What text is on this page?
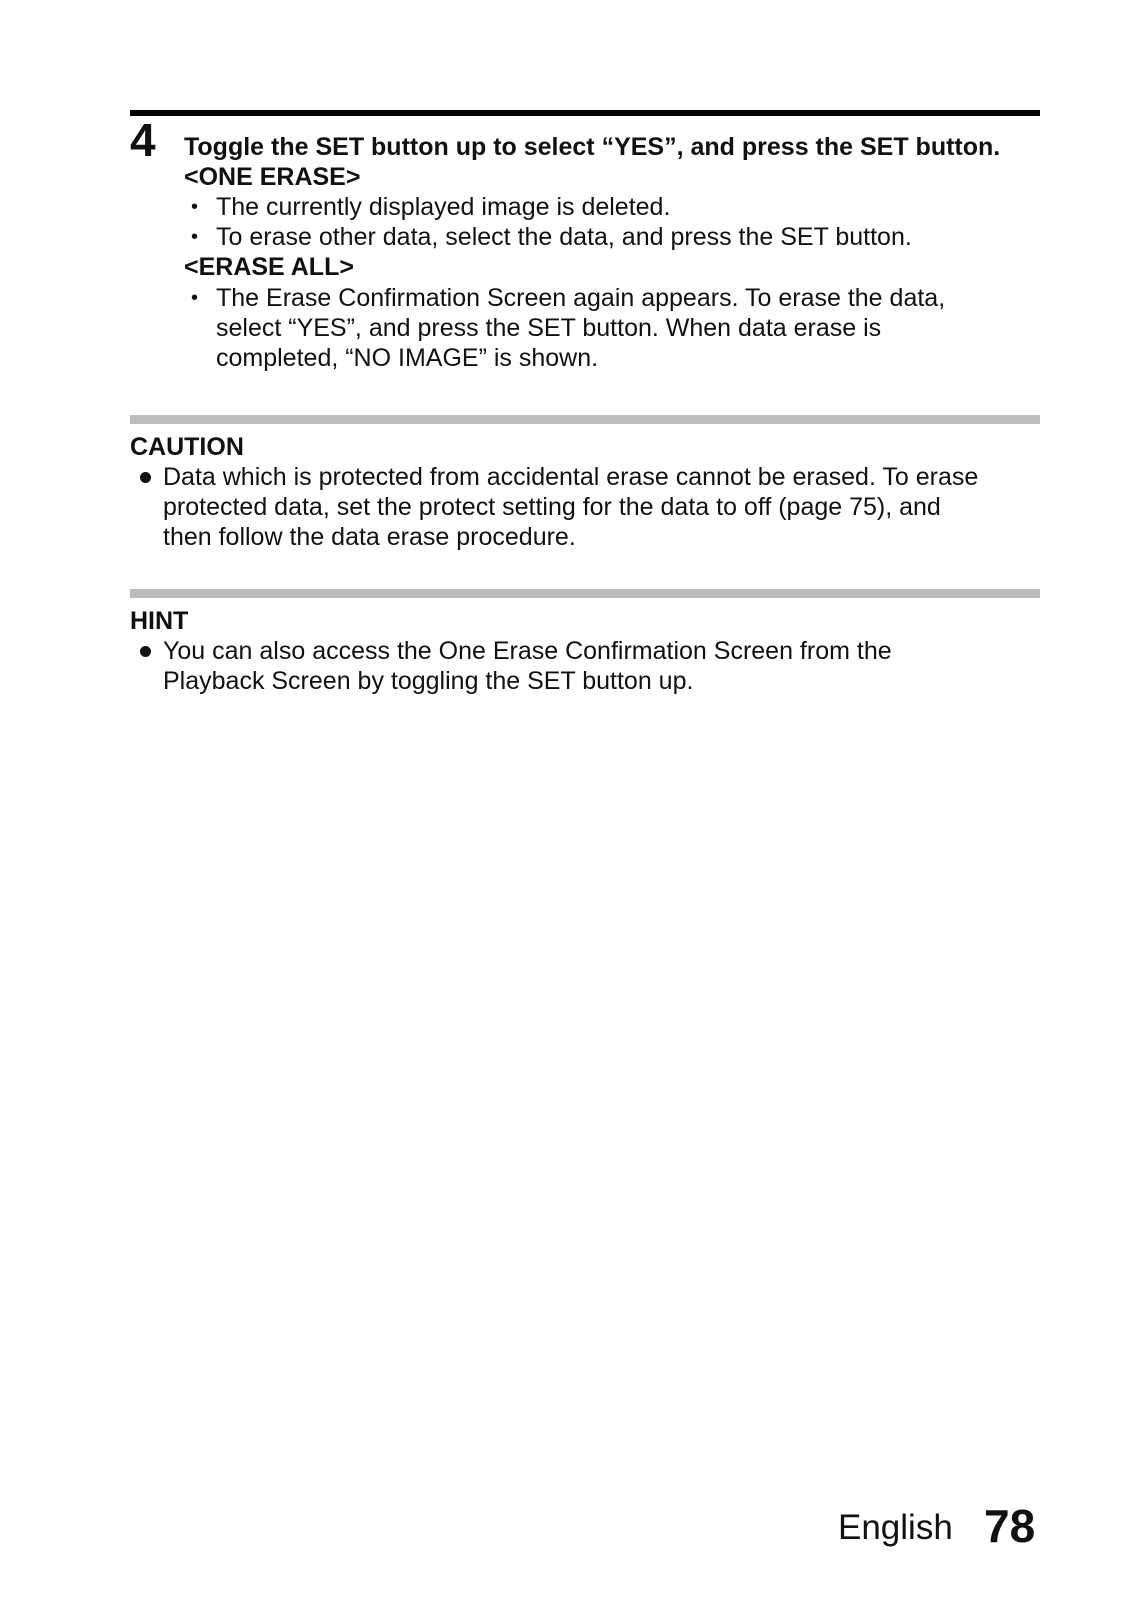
4 Toggle the SET button up to select “YES”, and press the SET button.
<ONE ERASE>
• The currently displayed image is deleted.
• To erase other data, select the data, and press the SET button.
<ERASE ALL>
• The Erase Confirmation Screen again appears. To erase the data,
select “YES”, and press the SET button. When data erase is
completed, “NO IMAGE” is shown.
CAUTION
Data which is protected from accidental erase cannot be erased. To erase
protected data, set the protect setting for the data to off (page 75), and
then follow the data erase procedure.
HINT
You can also access the One Erase Confirmation Screen from the
Playback Screen by toggling the SET button up.
English 78
